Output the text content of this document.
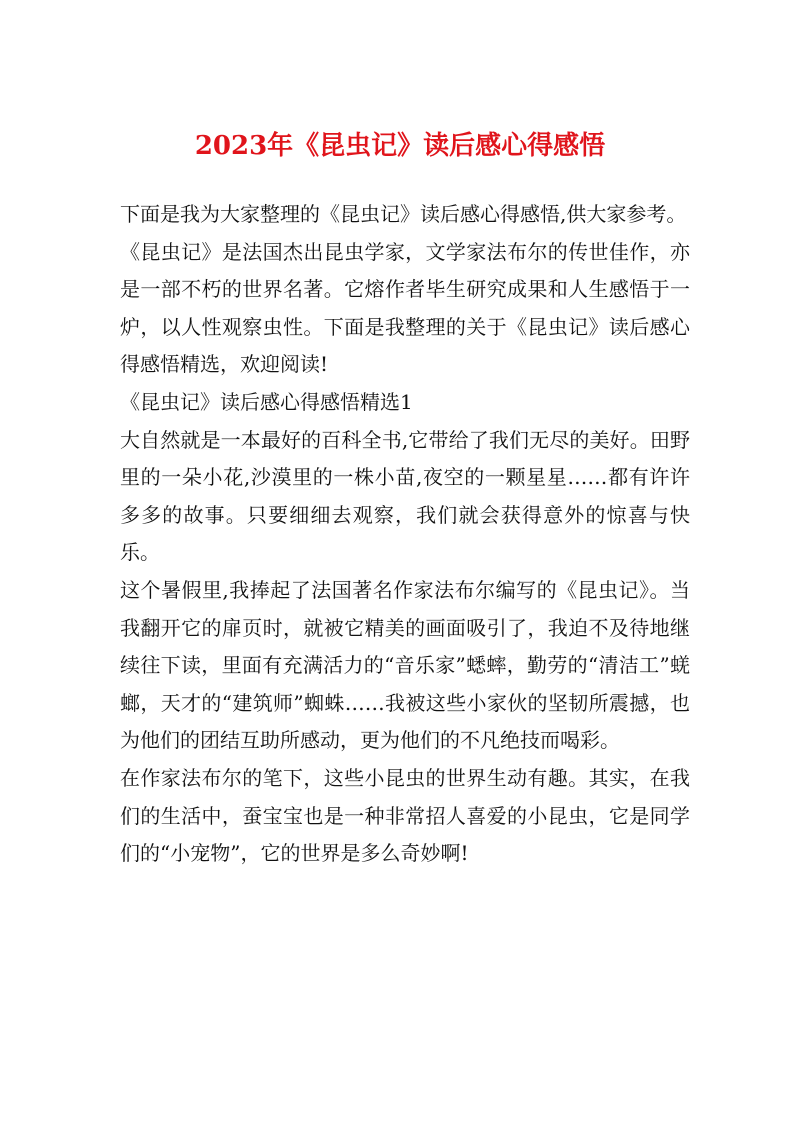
2023年《昆虫记》读后感心得感悟

下面是我为大家整理的《昆虫记》读后感心得感悟,供大家参考。

《昆虫记》是法国杰出昆虫学家，文学家法布尔的传世佳作，亦是一部不朽的世界名著。它熔作者毕生研究成果和人生感悟于一炉，以人性观察虫性。下面是我整理的关于《昆虫记》读后感心得感悟精选，欢迎阅读!

《昆虫记》读后感心得感悟精选1

大自然就是一本最好的百科全书,它带给了我们无尽的美好。田野里的一朵小花,沙漠里的一株小苗,夜空的一颗星星……都有许许多多的故事。只要细细去观察，我们就会获得意外的惊喜与快乐。

这个暑假里,我捧起了法国著名作家法布尔编写的《昆虫记》。当我翻开它的扉页时，就被它精美的画面吸引了，我迫不及待地继续往下读，里面有充满活力的“音乐家”蟋蟀，勤劳的“清洁工”蜣螂，天才的“建筑师”蜘蛛……我被这些小家伙的坚韧所震撼，也为他们的团结互助所感动，更为他们的不凡绝技而喝彩。

在作家法布尔的笔下，这些小昆虫的世界生动有趣。其实，在我们的生活中，蚕宝宝也是一种非常招人喜爱的小昆虫，它是同学们的“小宠物”，它的世界是多么奇妙啊!
